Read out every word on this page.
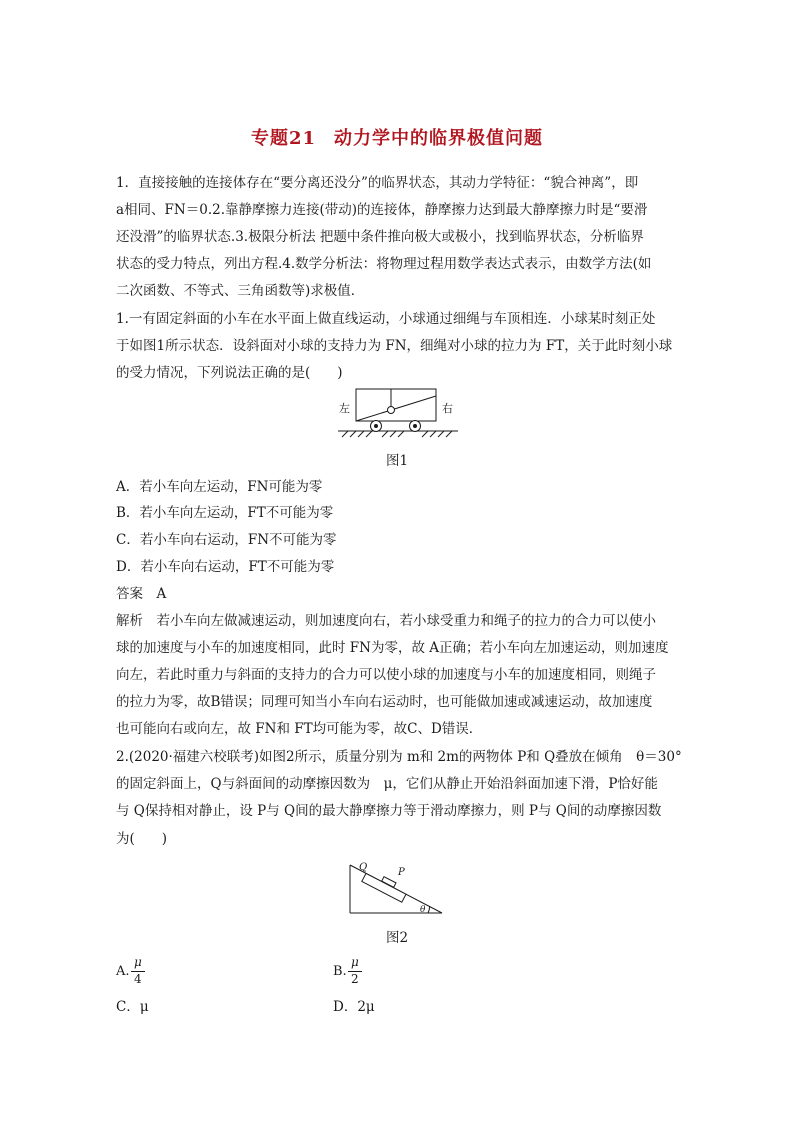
专题21 动力学中的临界极值问题
1．直接接触的连接体存在“要分离还没分”的临界状态，其动力学特征：“貌合神离”，即
a相同、FN＝0.2.靠静摩擦力连接(带动)的连接体，静摩擦力达到最大静摩擦力时是“要滑
还没滑”的临界状态.3.极限分析法 把题中条件推向极大或极小，找到临界状态，分析临界
状态的受力特点，列出方程.4.数学分析法：将物理过程用数学表达式表示，由数学方法(如
二次函数、不等式、三角函数等)求极值．
1.一有固定斜面的小车在水平面上做直线运动，小球通过细绳与车顶相连．小球某时刻正处
于如图1所示状态．设斜面对小球的支持力为 FN，细绳对小球的拉力为 FT，关于此时刻小球
的受力情况，下列说法正确的是(　　)
左	右
图1
A．若小车向左运动，FN可能为零
B．若小车向左运动，FT不可能为零
C．若小车向右运动，FN不可能为零
D．若小车向右运动，FT不可能为零
答案　A
解析　若小车向左做减速运动，则加速度向右，若小球受重力和绳子的拉力的合力可以使小
球的加速度与小车的加速度相同，此时 FN为零，故 A正确；若小车向左加速运动，则加速度
向左，若此时重力与斜面的支持力的合力可以使小球的加速度与小车的加速度相同，则绳子
的拉力为零，故B错误；同理可知当小车向右运动时，也可能做加速或减速运动，故加速度
也可能向右或向左，故 FN和 FT均可能为零，故C、D错误．
2.(2020·福建六校联考)如图2所示，质量分别为 m和 2m的两物体 P和 Q叠放在倾角　θ＝30°
的固定斜面上，Q与斜面间的动摩擦因数为　μ，它们从静止开始沿斜面加速下滑，P恰好能
与 Q保持相对静止，设 P与 Q间的最大静摩擦力等于滑动摩擦力，则 P与 Q间的动摩擦因数
为(　　)
Q	P
θ
图2
A.
μ
4	B.
μ
2
C．μ	D．2μ
